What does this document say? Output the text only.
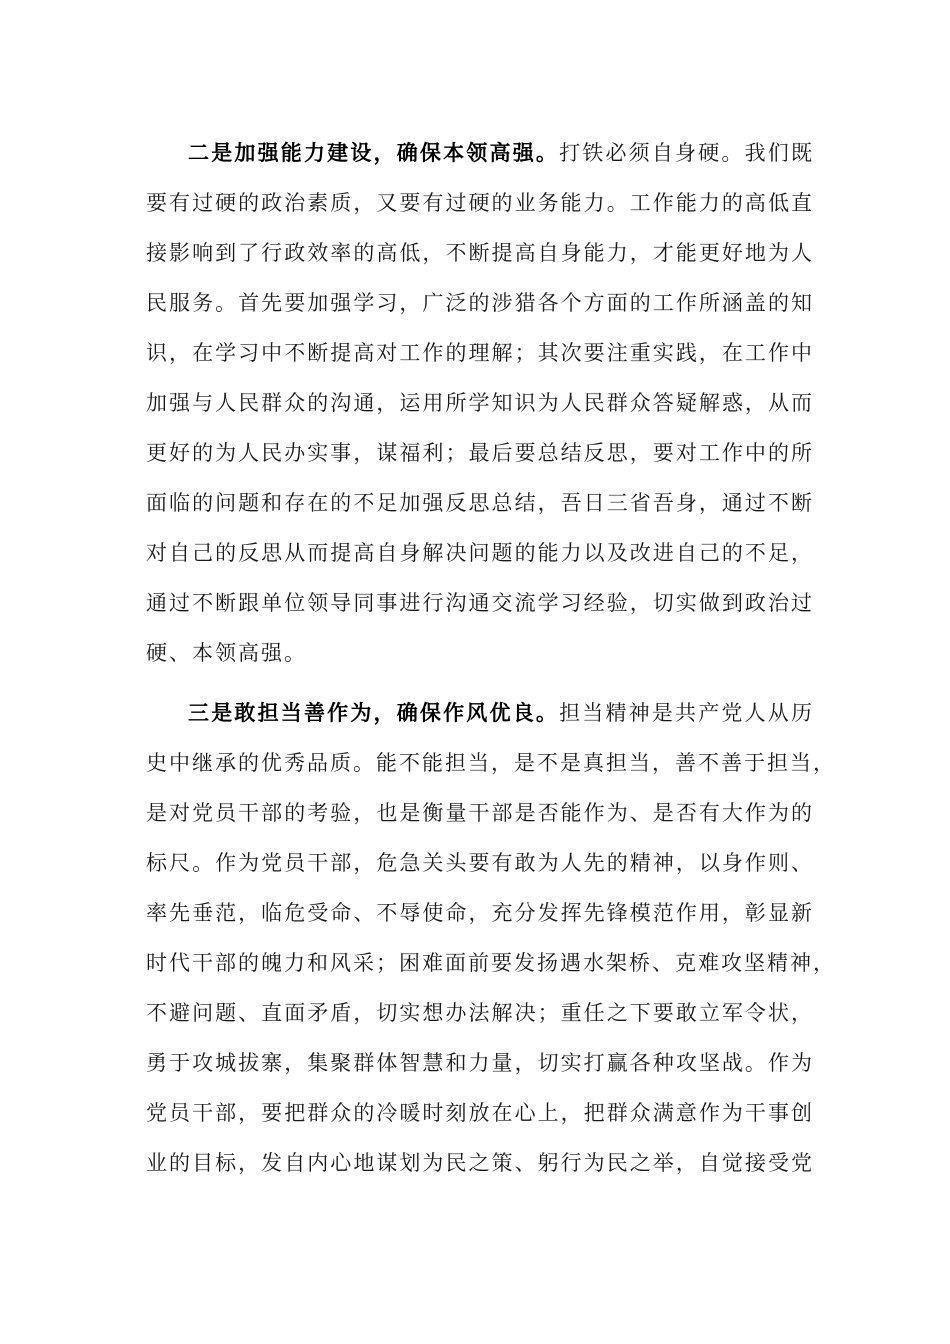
二是加强能力建设，确保本领高强。打铁必须自身硬。我们既
要有过硬的政治素质，又要有过硬的业务能力。工作能力的高低直
接影响到了行政效率的高低，不断提高自身能力，才能更好地为人
民服务。首先要加强学习，广泛的涉猎各个方面的工作所涵盖的知
识，在学习中不断提高对工作的理解；其次要注重实践，在工作中
加强与人民群众的沟通，运用所学知识为人民群众答疑解惑，从而
更好的为人民办实事，谋福利；最后要总结反思，要对工作中的所
面临的问题和存在的不足加强反思总结，吾日三省吾身，通过不断
对自己的反思从而提高自身解决问题的能力以及改进自己的不足，
通过不断跟单位领导同事进行沟通交流学习经验，切实做到政治过
硬、本领高强。

三是敢担当善作为，确保作风优良。担当精神是共产党人从历
史中继承的优秀品质。能不能担当，是不是真担当，善不善于担当，
是对党员干部的考验，也是衡量干部是否能作为、是否有大作为的
标尺。作为党员干部，危急关头要有敢为人先的精神，以身作则、
率先垂范，临危受命、不辱使命，充分发挥先锋模范作用，彰显新
时代干部的魄力和风采；困难面前要发扬遇水架桥、克难攻坚精神，
不避问题、直面矛盾，切实想办法解决；重任之下要敢立军令状，
勇于攻城拔寨，集聚群体智慧和力量，切实打赢各种攻坚战。作为
党员干部，要把群众的冷暖时刻放在心上，把群众满意作为干事创
业的目标，发自内心地谋划为民之策、躬行为民之举，自觉接受党
